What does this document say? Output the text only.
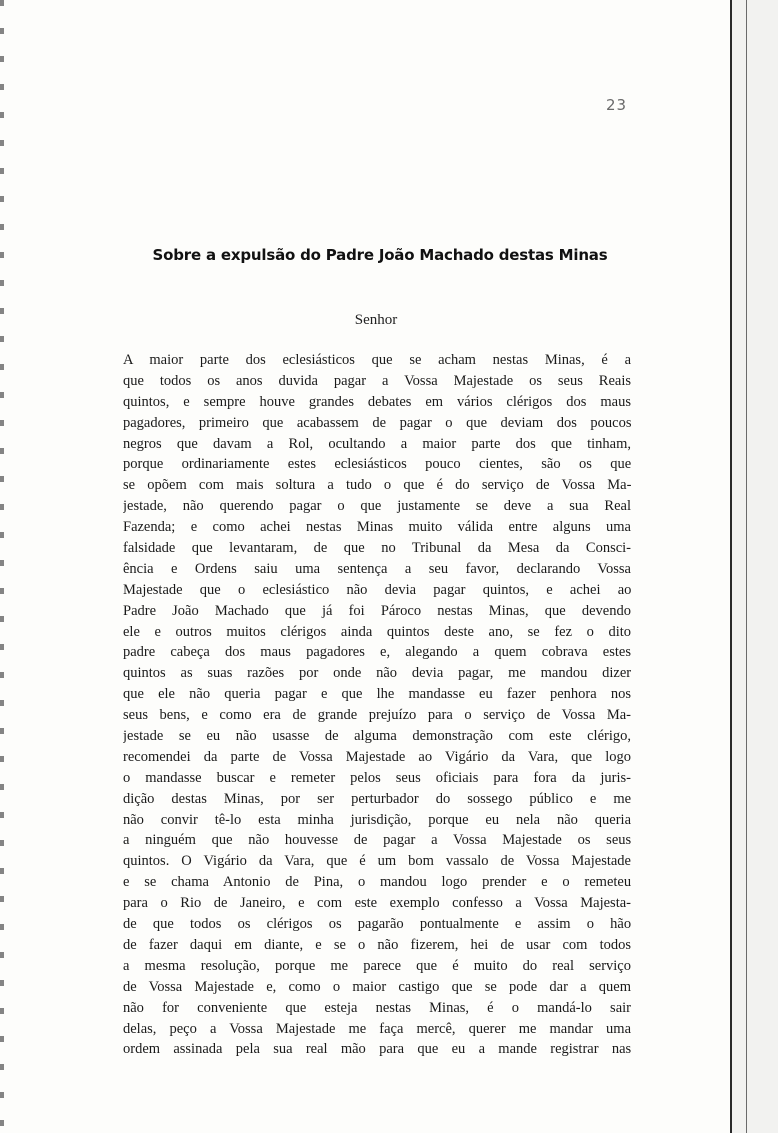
23
Sobre a expulsão do Padre João Machado destas Minas
Senhor
A maior parte dos eclesiásticos que se acham nestas Minas, é a
que todos os anos duvida pagar a Vossa Majestade os seus Reais
quintos, e sempre houve grandes debates em vários clérigos dos maus
pagadores, primeiro que acabassem de pagar o que deviam dos poucos
negros que davam a Rol, ocultando a maior parte dos que tinham,
porque ordinariamente estes eclesiásticos pouco cientes, são os que
se opõem com mais soltura a tudo o que é do serviço de Vossa Ma-
jestade, não querendo pagar o que justamente se deve a sua Real
Fazenda; e como achei nestas Minas muito válida entre alguns uma
falsidade que levantaram, de que no Tribunal da Mesa da Consci-
ência e Ordens saiu uma sentença a seu favor, declarando Vossa
Majestade que o eclesiástico não devia pagar quintos, e achei ao
Padre João Machado que já foi Pároco nestas Minas, que devendo
ele e outros muitos clérigos ainda quintos deste ano, se fez o dito
padre cabeça dos maus pagadores e, alegando a quem cobrava estes
quintos as suas razões por onde não devia pagar, me mandou dizer
que ele não queria pagar e que lhe mandasse eu fazer penhora nos
seus bens, e como era de grande prejuízo para o serviço de Vossa Ma-
jestade se eu não usasse de alguma demonstração com este clérigo,
recomendei da parte de Vossa Majestade ao Vigário da Vara, que logo
o mandasse buscar e remeter pelos seus oficiais para fora da juris-
dição destas Minas, por ser perturbador do sossego público e me
não convir tê-lo esta minha jurisdição, porque eu nela não queria
a ninguém que não houvesse de pagar a Vossa Majestade os seus
quintos. O Vigário da Vara, que é um bom vassalo de Vossa Majestade
e se chama Antonio de Pina, o mandou logo prender e o remeteu
para o Rio de Janeiro, e com este exemplo confesso a Vossa Majesta-
de que todos os clérigos os pagarão pontualmente e assim o hão
de fazer daqui em diante, e se o não fizerem, hei de usar com todos
a mesma resolução, porque me parece que é muito do real serviço
de Vossa Majestade e, como o maior castigo que se pode dar a quem
não for conveniente que esteja nestas Minas, é o mandá-lo sair
delas, peço a Vossa Majestade me faça mercê, querer me mandar uma
ordem assinada pela sua real mão para que eu a mande registrar nas
